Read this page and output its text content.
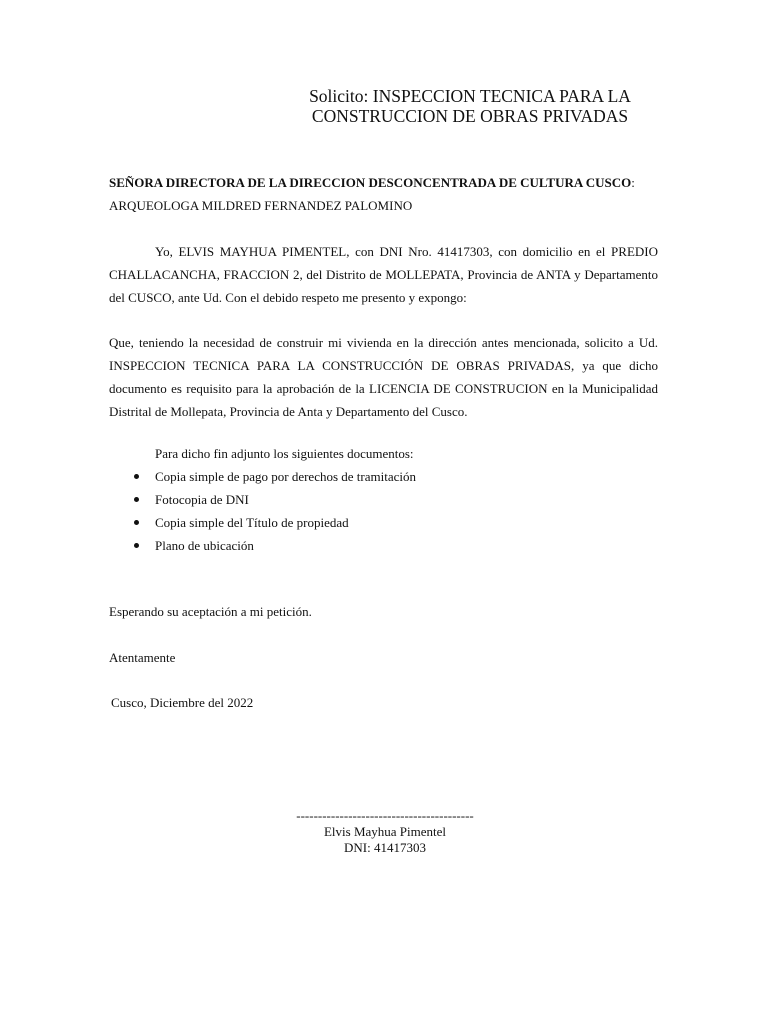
Solicito: INSPECCION TECNICA PARA LA
CONSTRUCCION DE OBRAS PRIVADAS
SEÑORA DIRECTORA DE LA DIRECCION DESCONCENTRADA DE CULTURA CUSCO:
ARQUEOLOGA MILDRED FERNANDEZ PALOMINO
Yo, ELVIS MAYHUA PIMENTEL, con DNI Nro. 41417303, con domicilio en el PREDIO CHALLACANCHA, FRACCION 2, del Distrito de MOLLEPATA, Provincia de ANTA y Departamento del CUSCO, ante Ud. Con el debido respeto me presento y expongo:
Que, teniendo la necesidad de construir mi vivienda en la dirección antes mencionada, solicito a Ud. INSPECCION TECNICA PARA LA CONSTRUCCIÓN DE OBRAS PRIVADAS, ya que dicho documento es requisito para la aprobación de la LICENCIA DE CONSTRUCION en la Municipalidad Distrital de Mollepata, Provincia de Anta y Departamento del Cusco.
Para dicho fin adjunto los siguientes documentos:
Copia simple de pago por derechos de tramitación
Fotocopia de DNI
Copia simple del Título de propiedad
Plano de ubicación
Esperando su aceptación a mi petición.
Atentamente
Cusco, Diciembre del 2022
-----------------------------------------
Elvis Mayhua Pimentel
DNI: 41417303
